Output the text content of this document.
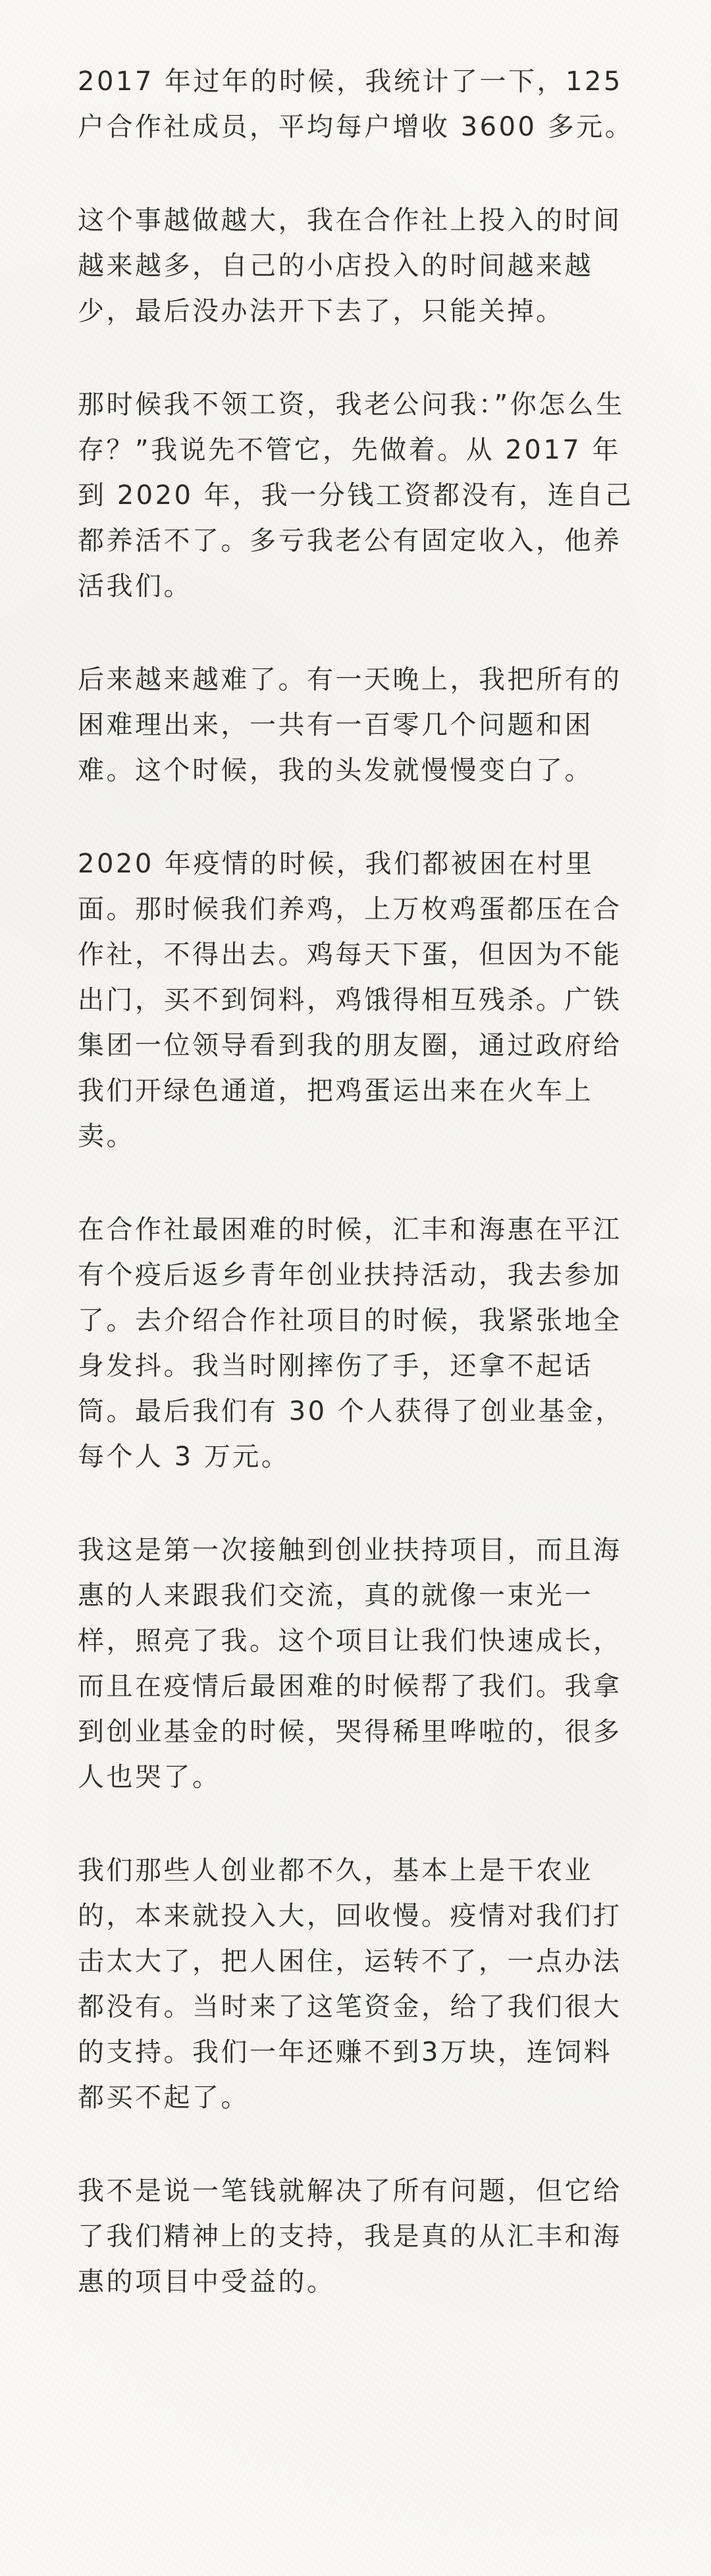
2017 年过年的时候，我统计了一下，125 户合作社成员，平均每户增收 3600 多元。

这个事越做越大，我在合作社上投入的时间越来越多，自己的小店投入的时间越来越少，最后没办法开下去了，只能关掉。

那时候我不领工资，我老公问我：”你怎么生存？”我说先不管它，先做着。从 2017 年到 2020 年，我一分钱工资都没有，连自己都养活不了。多亏我老公有固定收入，他养活我们。

后来越来越难了。有一天晚上，我把所有的困难理出来，一共有一百零几个问题和困难。这个时候，我的头发就慢慢变白了。

2020 年疫情的时候，我们都被困在村里面。那时候我们养鸡，上万枚鸡蛋都压在合作社，不得出去。鸡每天下蛋，但因为不能出门，买不到饲料，鸡饿得相互残杀。广铁集团一位领导看到我的朋友圈，通过政府给我们开绿色通道，把鸡蛋运出来在火车上卖。

在合作社最困难的时候，汇丰和海惠在平江有个疫后返乡青年创业扶持活动，我去参加了。去介绍合作社项目的时候，我紧张地全身发抖。我当时刚摔伤了手，还拿不起话筒。最后我们有 30 个人获得了创业基金，每个人 3 万元。

我这是第一次接触到创业扶持项目，而且海惠的人来跟我们交流，真的就像一束光一样，照亮了我。这个项目让我们快速成长，而且在疫情后最困难的时候帮了我们。我拿到创业基金的时候，哭得稀里哗啦的，很多人也哭了。

我们那些人创业都不久，基本上是干农业的，本来就投入大，回收慢。疫情对我们打击太大了，把人困住，运转不了，一点办法都没有。当时来了这笔资金，给了我们很大的支持。我们一年还赚不到3万块，连饲料都买不起了。

我不是说一笔钱就解决了所有问题，但它给了我们精神上的支持，我是真的从汇丰和海惠的项目中受益的。
